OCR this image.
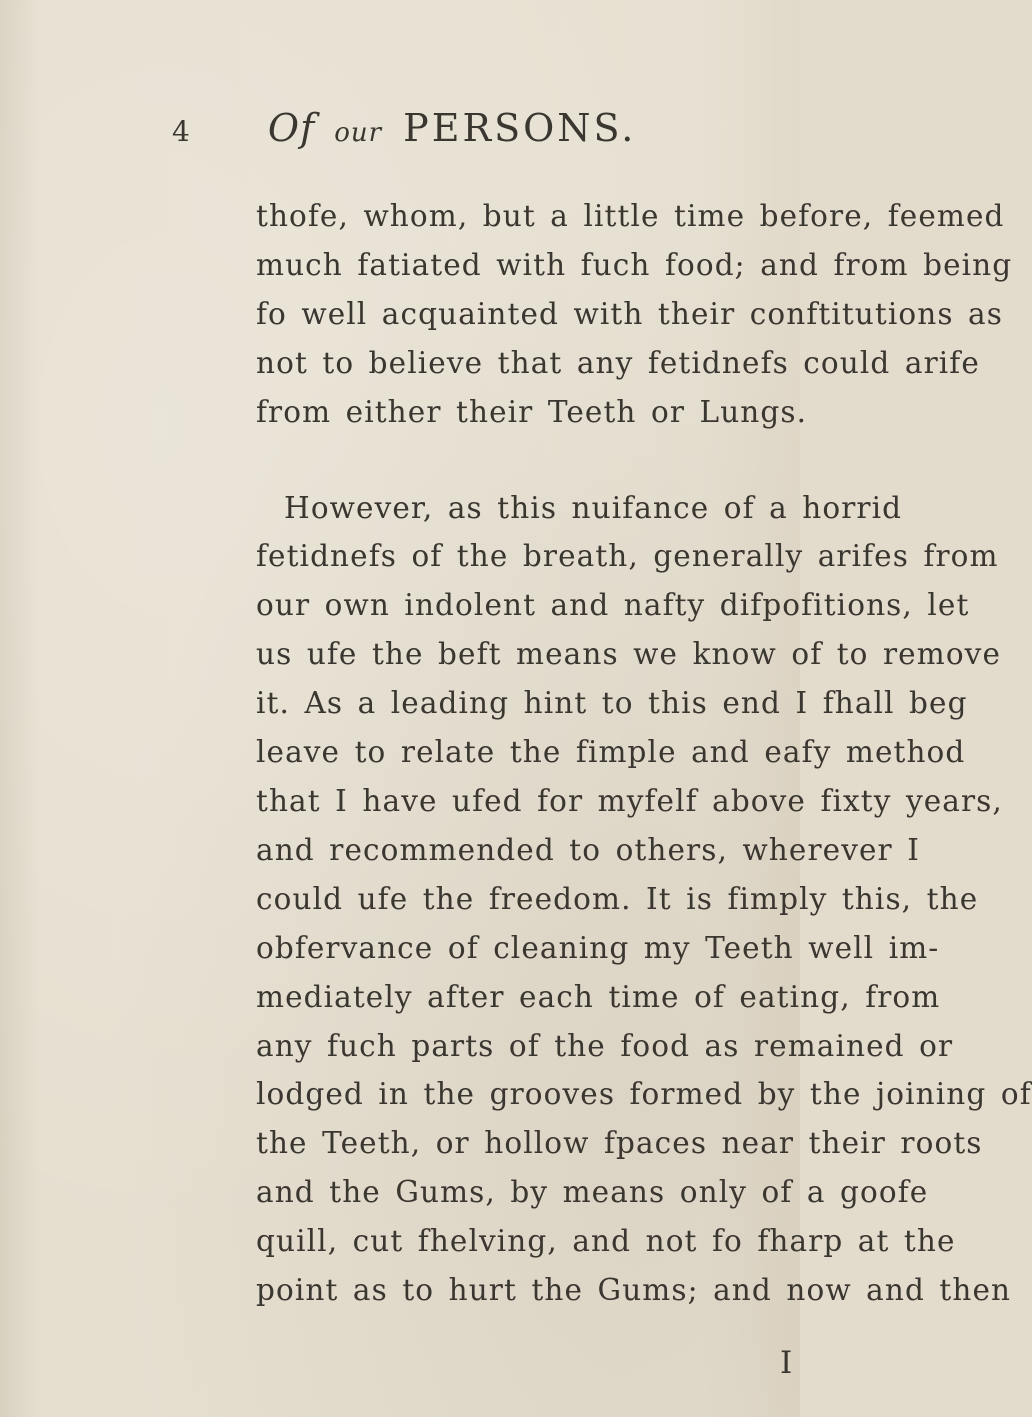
4 Of our PERSONS.
thofe, whom, but a little time before, feemed
much fatiated with fuch food; and from being
fo well acquainted with their conftitutions as
not to believe that any fetidnefs could arife
from either their Teeth or Lungs.
However, as this nuifance of a horrid
fetidnefs of the breath, generally arifes from
our own indolent and nafty difpofitions, let
us ufe the beft means we know of to remove
it. As a leading hint to this end I fhall beg
leave to relate the fimple and eafy method
that I have ufed for myfelf above fixty years,
and recommended to others, wherever I
could ufe the freedom. It is fimply this, the
obfervance of cleaning my Teeth well im-
mediately after each time of eating, from
any fuch parts of the food as remained or
lodged in the grooves formed by the joining of
the Teeth, or hollow fpaces near their roots
and the Gums, by means only of a goofe
quill, cut fhelving, and not fo fharp at the
point as to hurt the Gums; and now and then
I
